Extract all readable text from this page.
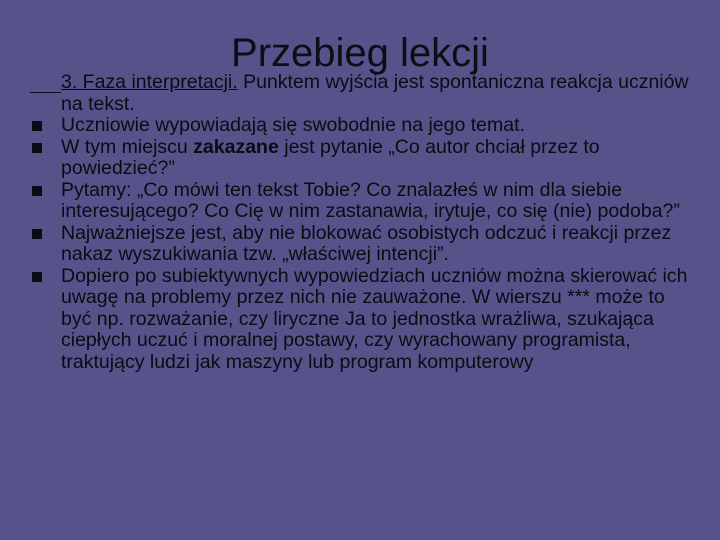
3. Faza interpretacji. Punktem wyjścia jest spontaniczna reakcja uczniów na tekst.
Uczniowie wypowiadają się swobodnie na jego temat.
W tym miejscu zakazane jest pytanie „Co autor chciał przez to powiedzieć?”
Pytamy: „Co mówi ten tekst Tobie? Co znalazłeś w nim dla siebie interesującego? Co Cię w nim zastanawia, irytuje, co się (nie) podoba?”
Najważniejsze jest, aby nie blokować osobistych odczuć i reakcji przez nakaz wyszukiwania tzw. „właściwej intencji”.
Dopiero po subiektywnych wypowiedziach uczniów można skierować ich uwagę na problemy przez nich nie zauważone. W wierszu *** może to być np. rozważanie, czy liryczne Ja to jednostka wrażliwa, szukająca ciepłych uczuć i moralnej postawy, czy wyrachowany programista, traktujący ludzi jak maszyny lub program komputerowy
Przebieg lekcji
